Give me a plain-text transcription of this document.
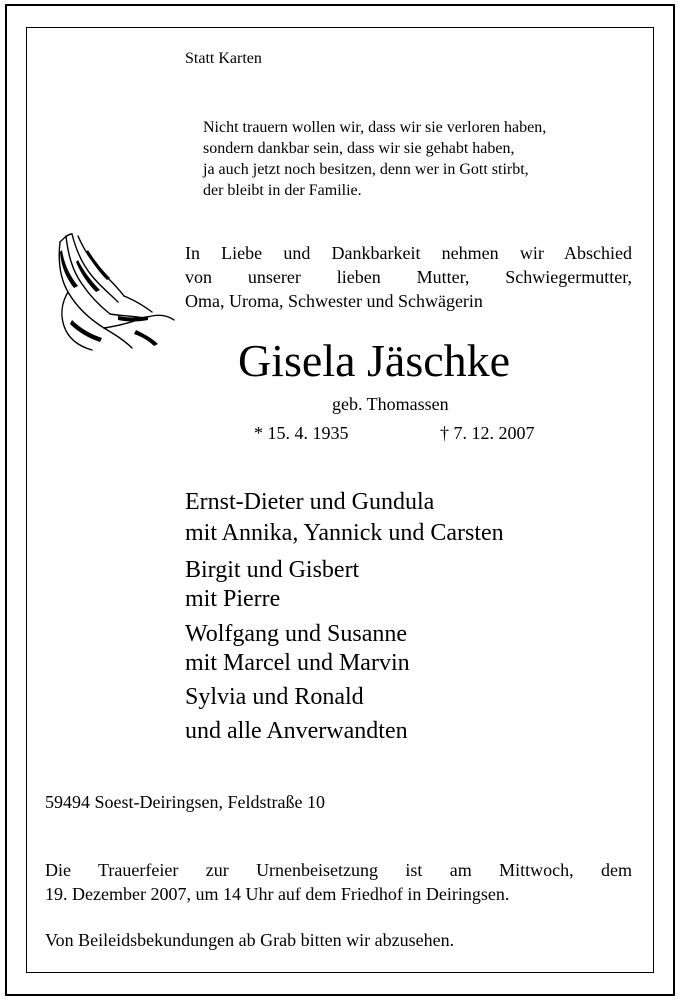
Statt Karten
Nicht trauern wollen wir, dass wir sie verloren haben,
sondern dankbar sein, dass wir sie gehabt haben,
ja auch jetzt noch besitzen, denn wer in Gott stirbt,
der bleibt in der Familie.
In Liebe und Dankbarkeit nehmen wir Abschied
von unserer lieben Mutter, Schwiegermutter,
Oma, Uroma, Schwester und Schwägerin
Gisela Jäschke
geb. Thomassen
* 15. 4. 1935	† 7. 12. 2007
Ernst-Dieter und Gundula
mit Annika, Yannick und Carsten
Birgit und Gisbert
mit Pierre
Wolfgang und Susanne
mit Marcel und Marvin
Sylvia und Ronald
und alle Anverwandten
59494 Soest-Deiringsen, Feldstraße 10
Die Trauerfeier zur Urnenbeisetzung ist am Mittwoch, dem
19. Dezember 2007, um 14 Uhr auf dem Friedhof in Deiringsen.
Von Beileidsbekundungen ab Grab bitten wir abzusehen.
